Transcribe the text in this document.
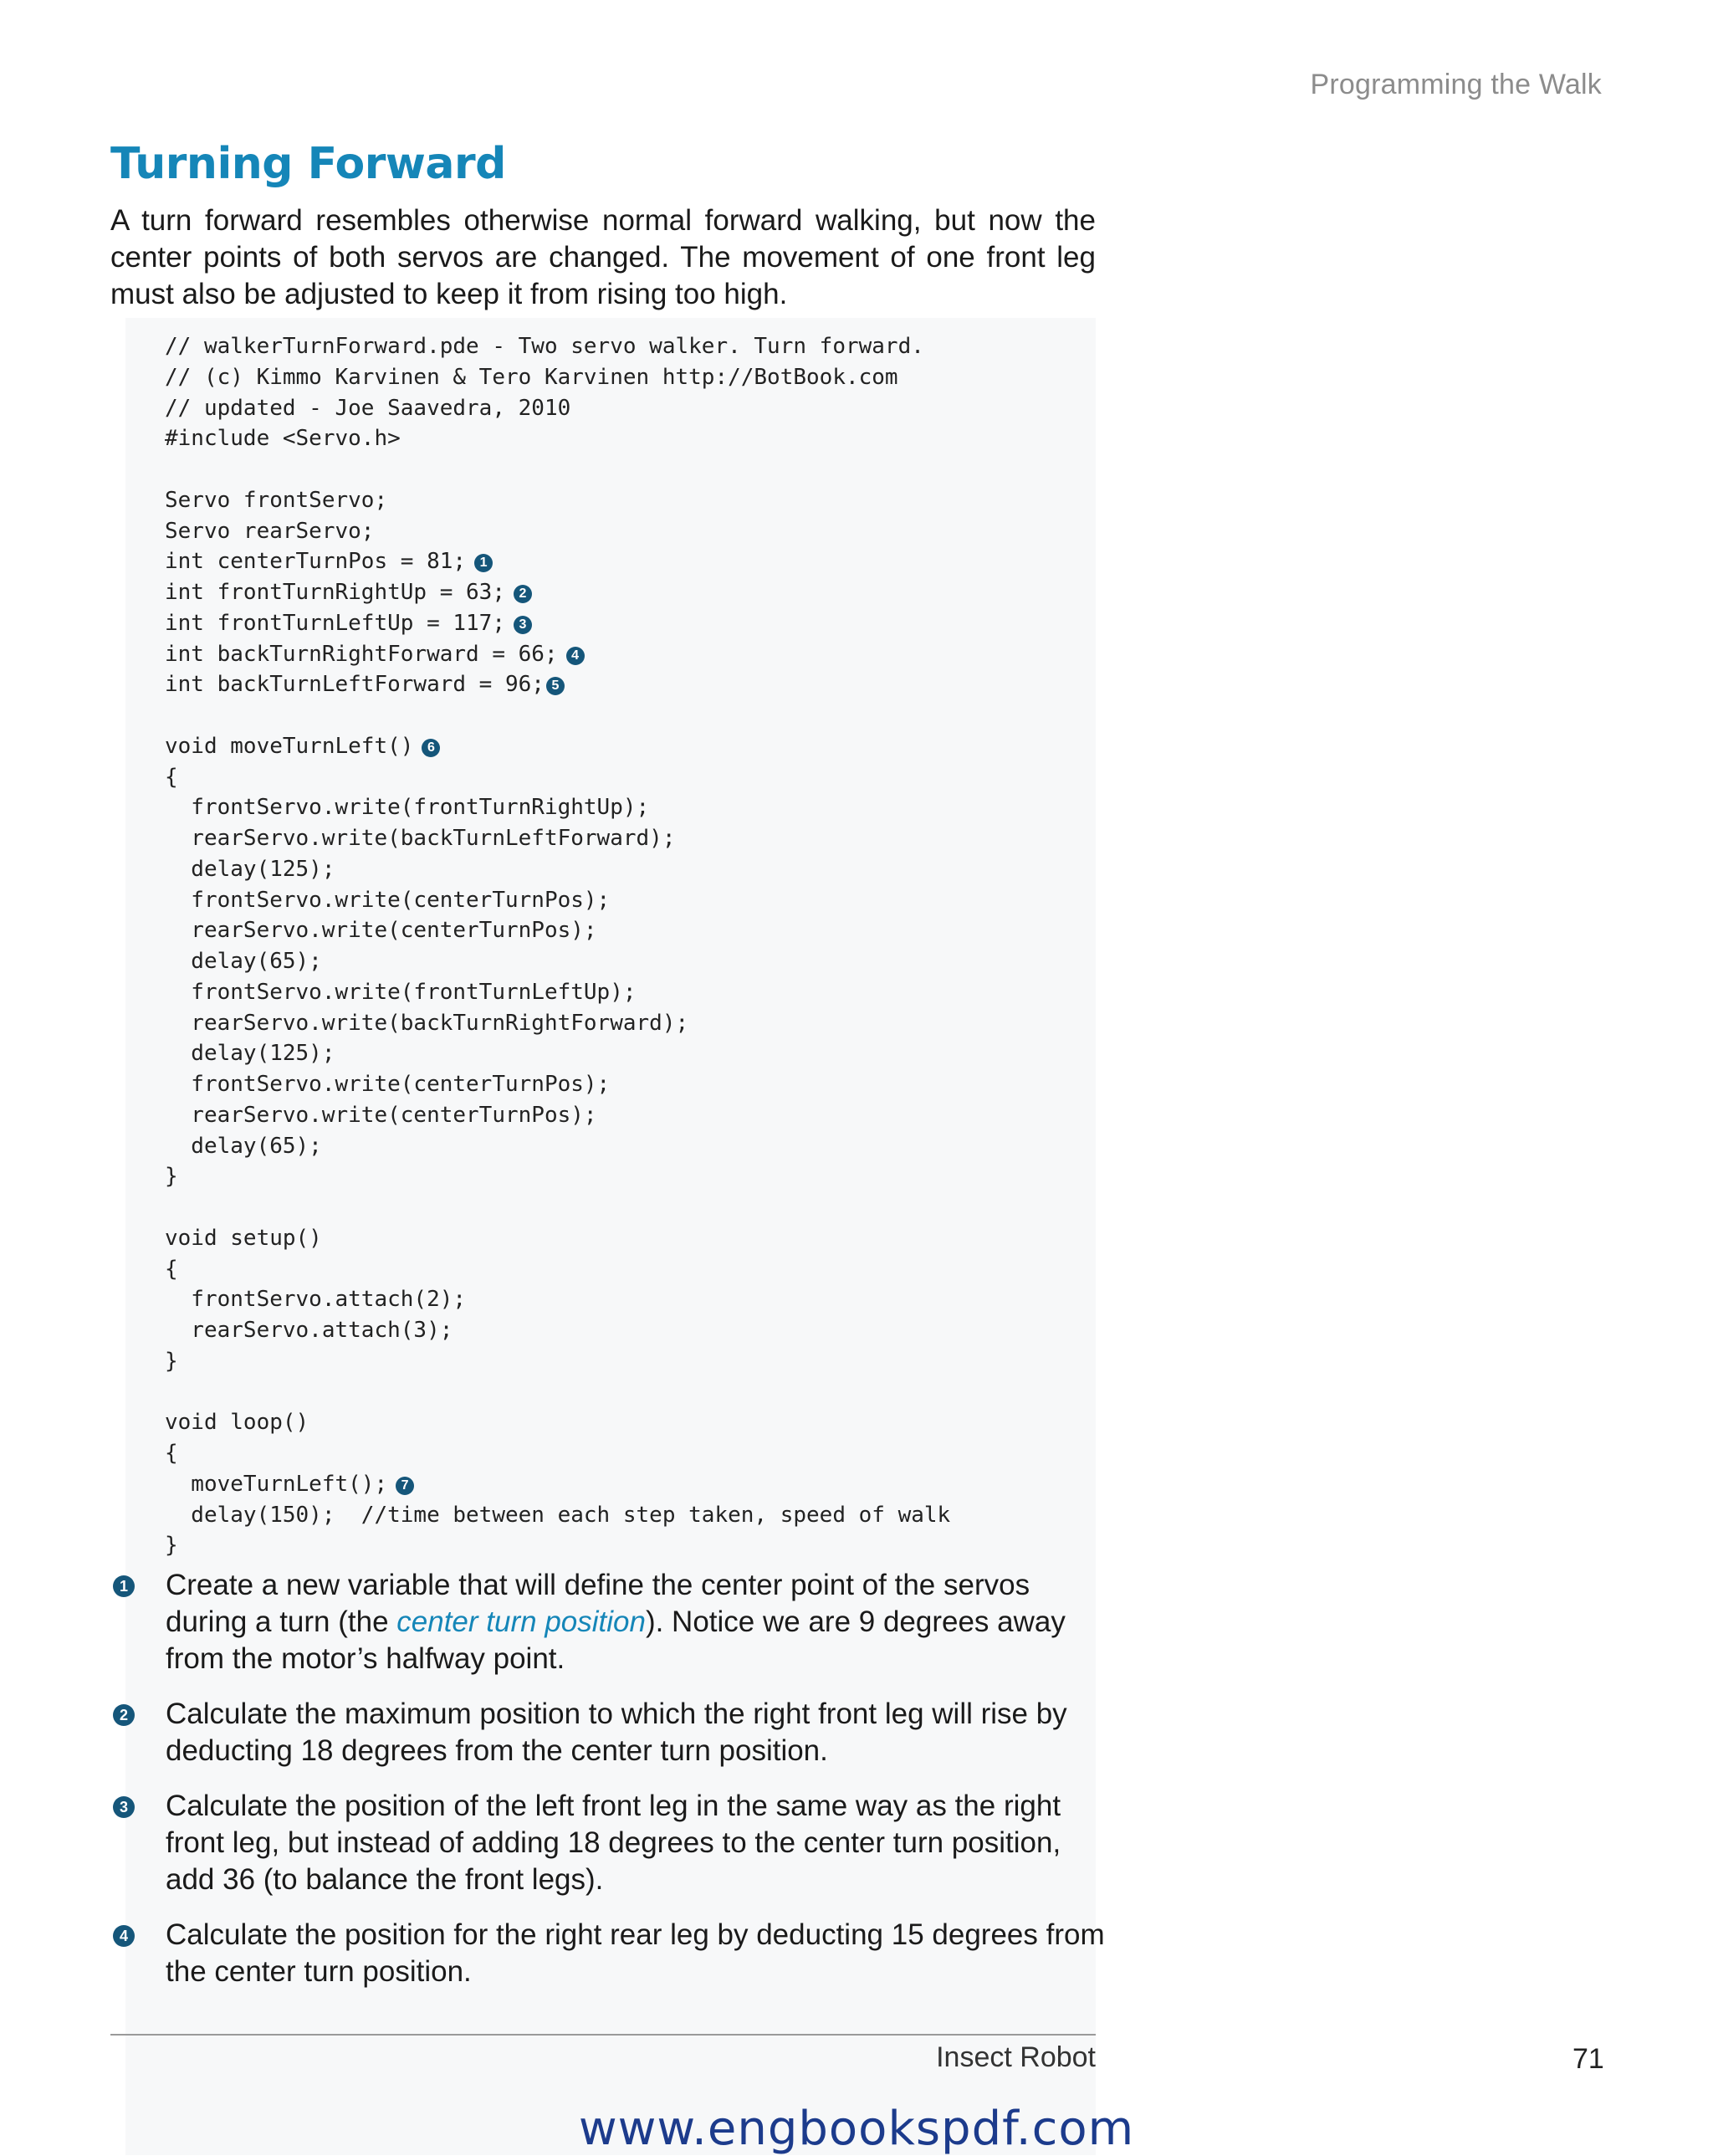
Programming the Walk
Turning Forward

A turn forward resembles otherwise normal forward walking, but now the center points of both servos are changed. The movement of one front leg must also be adjusted to keep it from rising too high.

// walkerTurnForward.pde - Two servo walker. Turn forward.
// (c) Kimmo Karvinen & Tero Karvinen http://BotBook.com
// updated - Joe Saavedra, 2010
#include <Servo.h>
Servo frontServo;
Servo rearServo;
int centerTurnPos = 81; 1
int frontTurnRightUp = 63; 2
int frontTurnLeftUp = 117; 3
int backTurnRightForward = 66; 4
int backTurnLeftForward = 96; 5
void moveTurnLeft() 6
{
frontServo.write(frontTurnRightUp);
rearServo.write(backTurnLeftForward);
delay(125);
frontServo.write(centerTurnPos);
rearServo.write(centerTurnPos);
delay(65);
frontServo.write(frontTurnLeftUp);
rearServo.write(backTurnRightForward);
delay(125);
frontServo.write(centerTurnPos);
rearServo.write(centerTurnPos);
delay(65);
}
void setup()
{
frontServo.attach(2);
rearServo.attach(3);
}
void loop()
{
moveTurnLeft(); 7
delay(150);  //time between each step taken, speed of walk
}
1 Create a new variable that will define the center point of the servos during a turn (the center turn position). Notice we are 9 degrees away from the motor’s halfway point.
2 Calculate the maximum position to which the right front leg will rise by deducting 18 degrees from the center turn position.
3 Calculate the position of the left front leg in the same way as the right front leg, but instead of adding 18 degrees to the center turn position, add 36 (to balance the front legs).
4 Calculate the position for the right rear leg by deducting 15 degrees from the center turn position.
Insect Robot	71
www.engbookspdf.com
